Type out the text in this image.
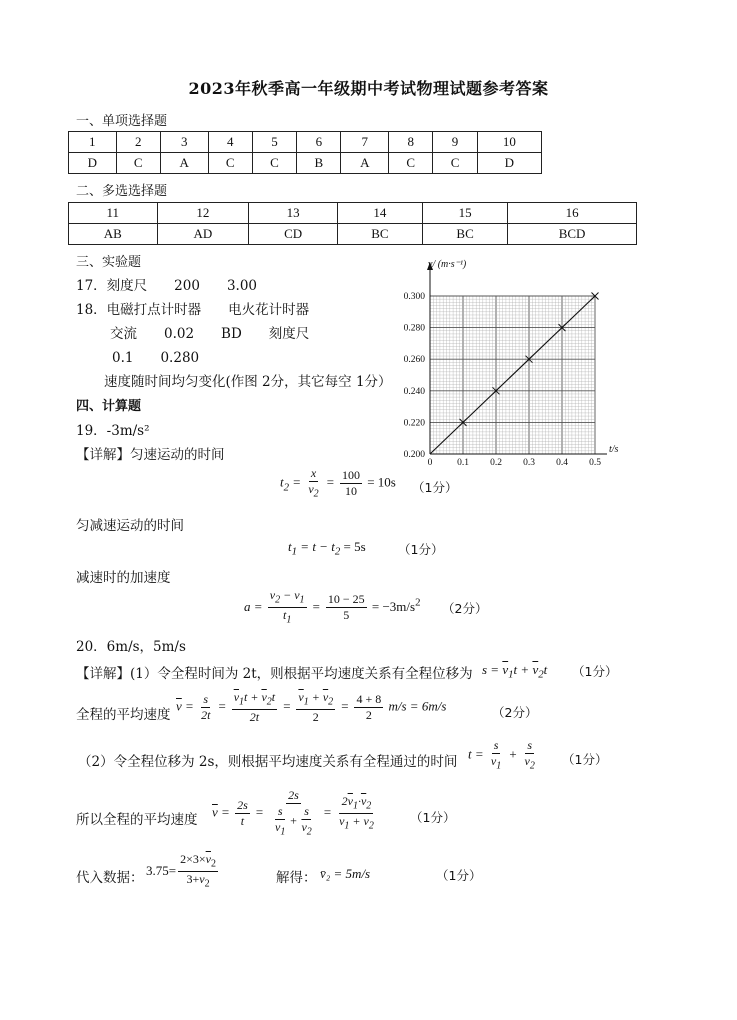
2023年秋季高一年级期中考试物理试题参考答案
一、单项选择题
1	2	3	4	5	6	7	8	9	10
D	C	A	C	C	B	A	C	C	D
二、多选选择题
11	12	13	14	15	16
AB	AD	CD	BC	BC	BCD
三、实验题
17．刻度尺　　200　　3.00
18．电磁打点计时器　　电火花计时器
交流　　0.02　　BD　　刻度尺
0.1　　0.280
速度随时间均匀变化(作图 2分，其它每空 1分）
0.200
0.220
0.240
0.260
0.280
0.300
0	0.1 0.2 0.3 0.4 0.5
v/ (m·s⁻¹)
t/s
四、计算题
19．-3m/s²
【详解】匀速运动的时间
$t_2 = \frac{x}{v_2} = \frac{100}{10} = 10s$ （1分）
匀减速运动的时间
$t_1 = t - t_2 = 5s$	（1分）
减速时的加速度
$a = \frac{v_2 - v_1}{t_1} = \frac{10 - 25}{5} = -3m/s^2$ （2分）
20．6m/s，5m/s
【详解】(1）令全程时间为 2t，则根据平均速度关系有全程位移为 $s = \overline{v}_1t + \overline{v}_2t$ （1分）
全程的平均速度
$\overline{v} = \frac{s}{2t} = \frac{\overline{v}_1t + \overline{v}_2t}{2t} = \frac{\overline{v}_1 + \overline{v}_2}{2} = \frac{4 + 8}{2} m/s = 6m/s$	（2分）
（2）令全程位移为 2s，则根据平均速度关系有全程通过的时间 $t = \frac{s}{v_1} + \frac{s}{v_2} (1$分）
所以全程的平均速度 $\overline{v} = \frac{2s}{t} = \frac{2s}{\frac{s}{\overline{v}_1} + \frac{s}{\overline{v}_2}} = \frac{2\overline{v}_1\cdot\overline{v}_2}{\overline{v}_1 + \overline{v}_2}$	（1分）
代入数据： $3.75= \frac{2\times 3\times\overline{v}_2}{3+\overline{v}_2}$	解得： v̄₂ = 5m/s	（1分）
